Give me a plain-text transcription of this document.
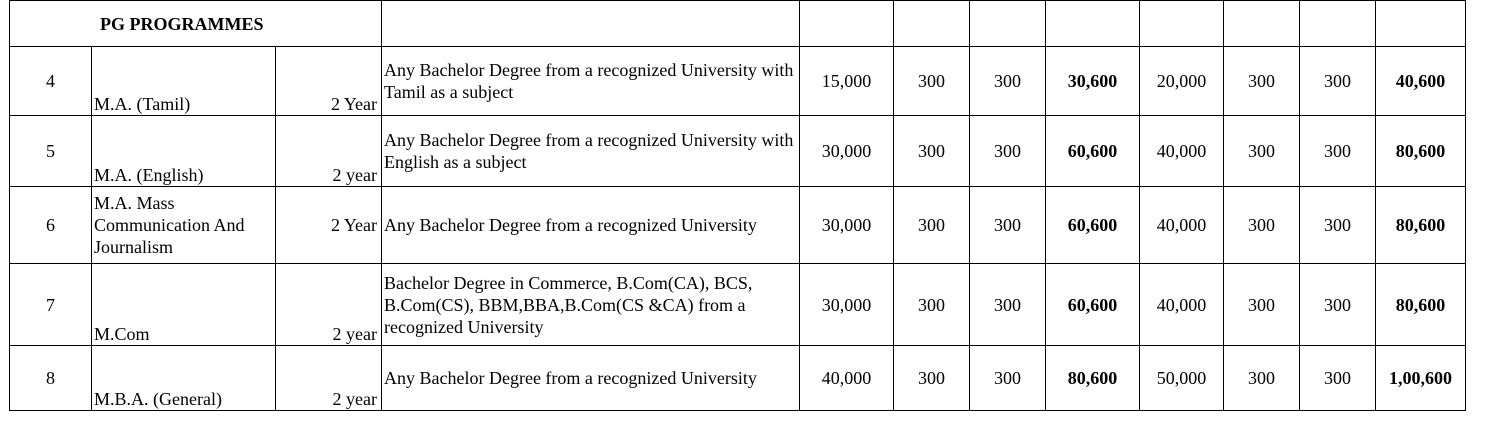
PG PROGRAMMES											
4	M.A. (Tamil)	2 Year	Any Bachelor Degree from a recognized University with Tamil as a subject	15,000	300	300	30,600	20,000	300	300	40,600
5	M.A. (English)	2 year	Any Bachelor Degree from a recognized University with English as a subject	30,000	300	300	60,600	40,000	300	300	80,600
6	M.A. Mass Communication And Journalism	2 Year	Any Bachelor Degree from a recognized University	30,000	300	300	60,600	40,000	300	300	80,600
7	M.Com	2 year	Bachelor Degree in Commerce, B.Com(CA), BCS, B.Com(CS), BBM,BBA,B.Com(CS &CA) from a recognized University	30,000	300	300	60,600	40,000	300	300	80,600
8	M.B.A. (General)	2 year	Any Bachelor Degree from a recognized University	40,000	300	300	80,600	50,000	300	300	1,00,600
